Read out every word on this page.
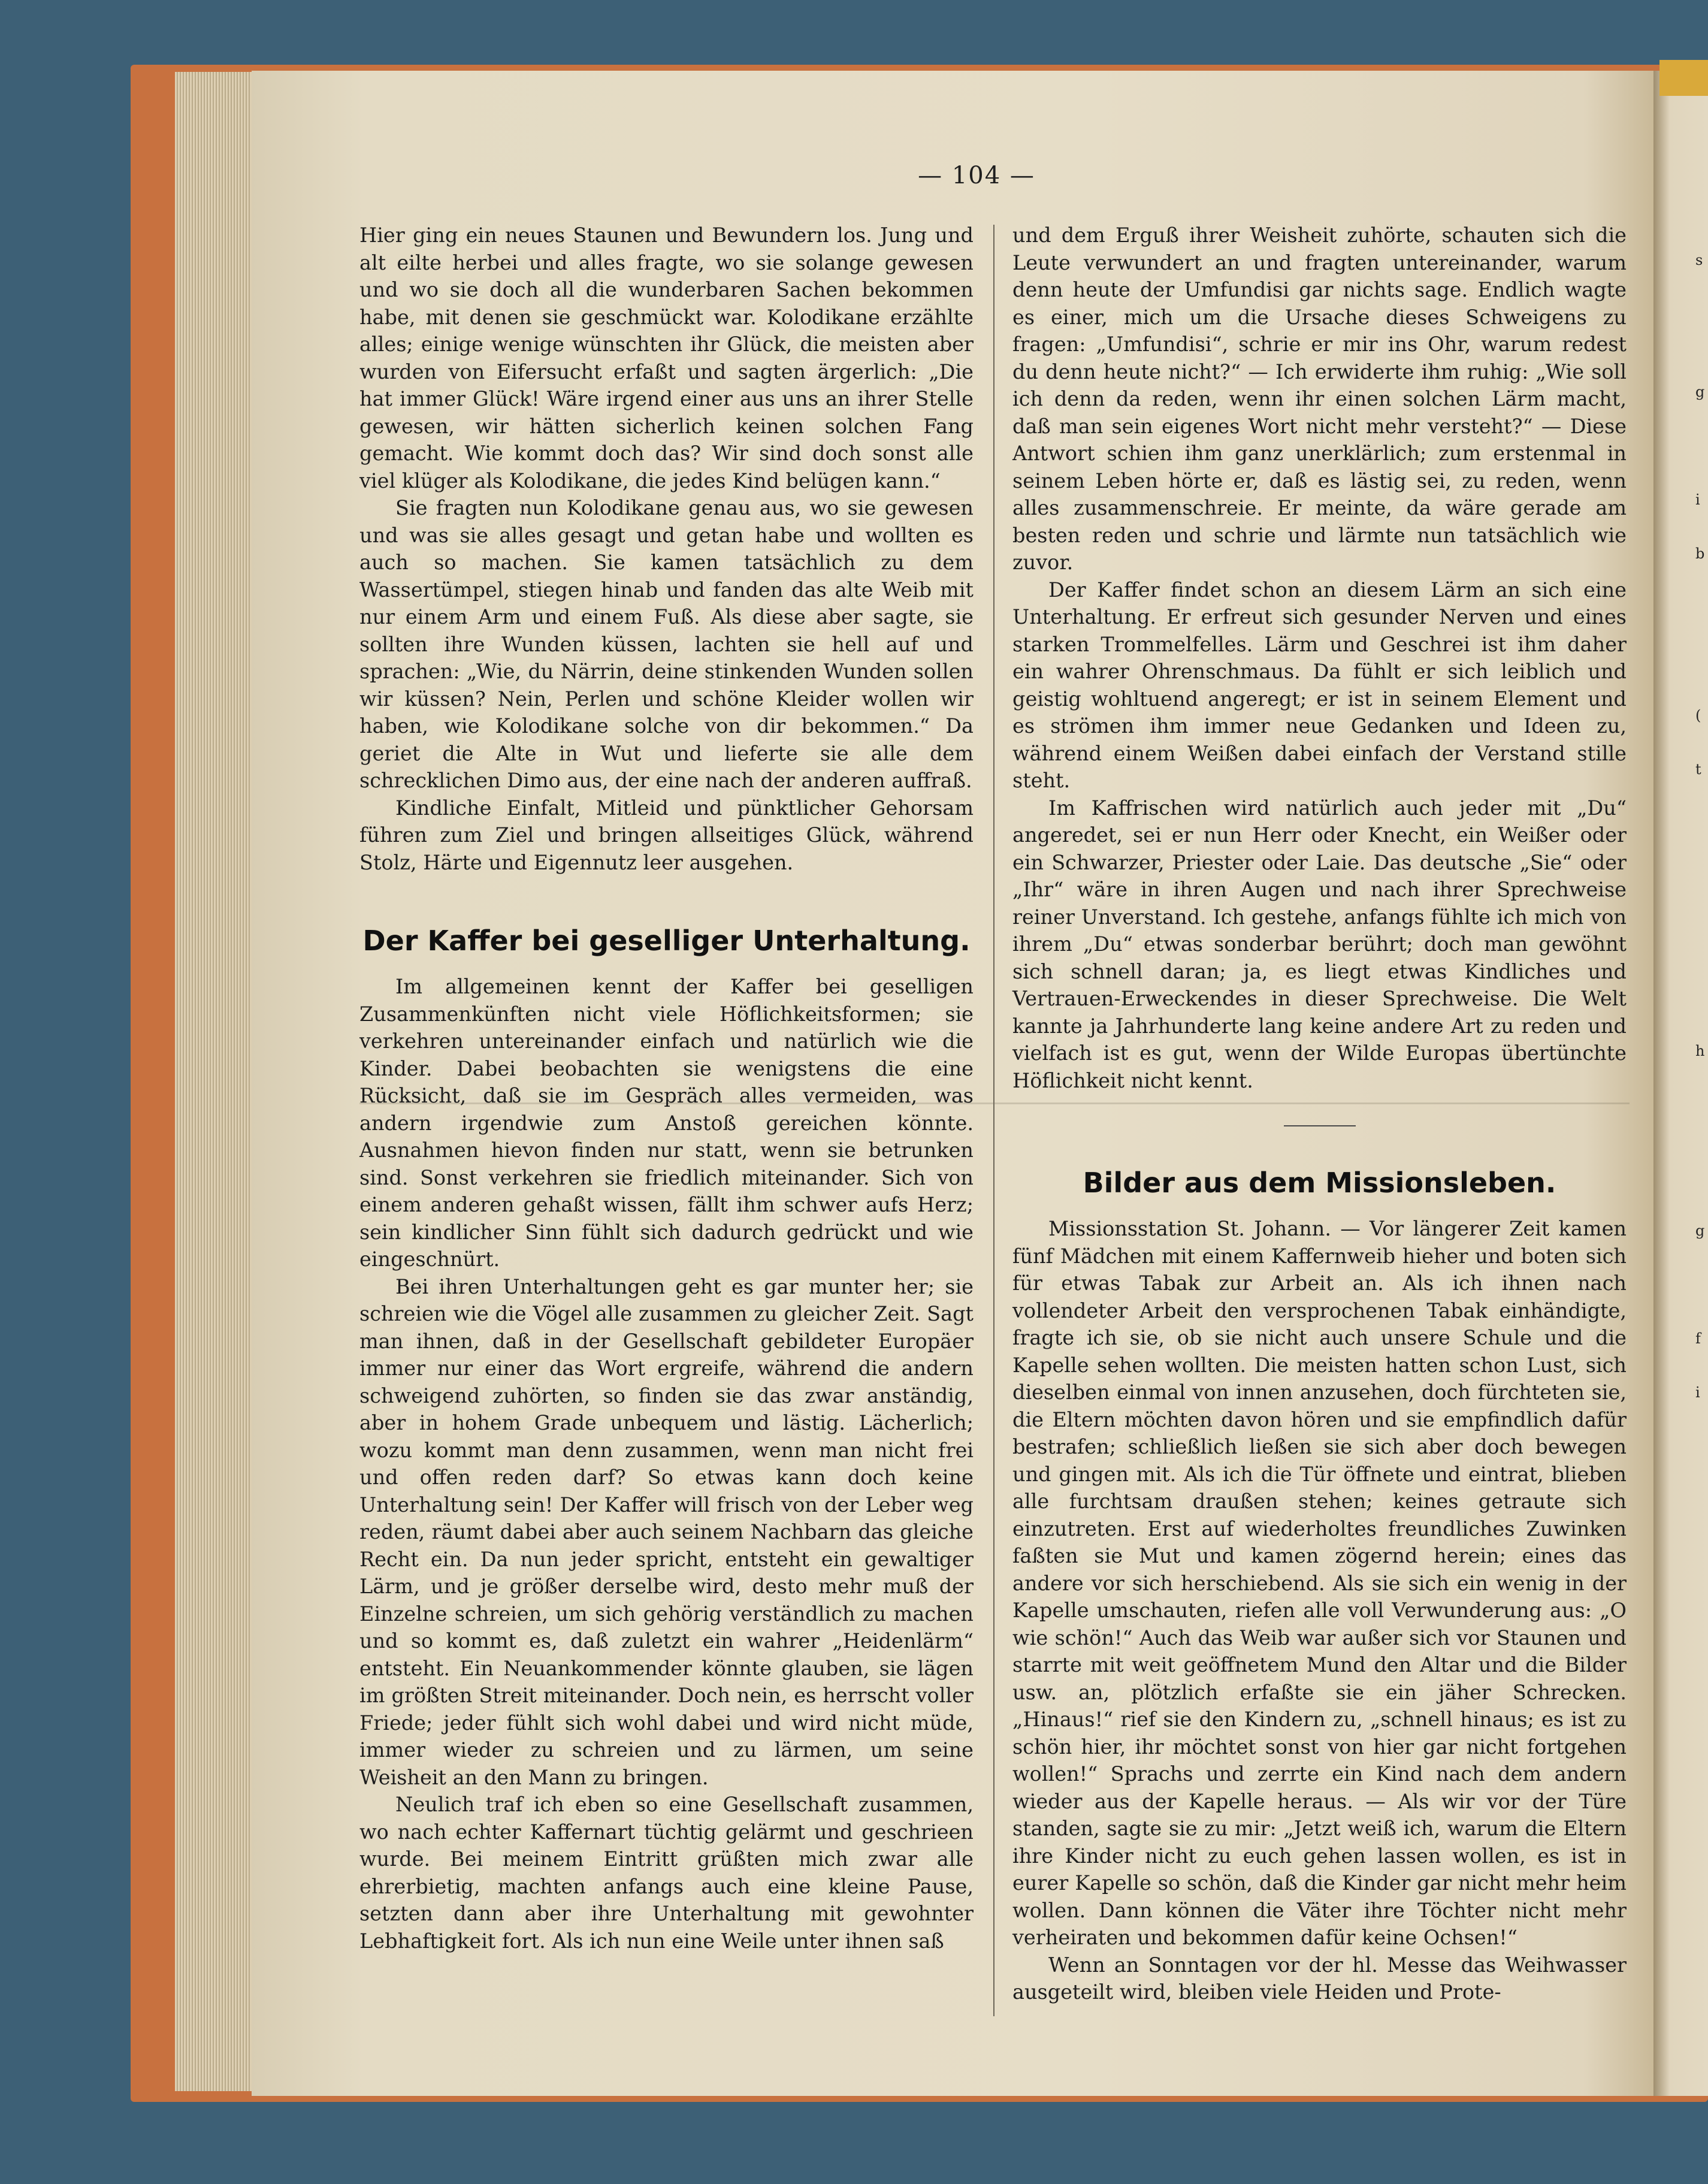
s
g
i
b
(
t
h
g
f
i
— 104 —

Hier ging ein neues Staunen und Bewundern los. Jung und alt eilte herbei und alles fragte, wo sie solange gewesen und wo sie doch all die wunderbaren Sachen bekommen habe, mit denen sie geschmückt war. Kolodikane erzählte alles; einige wenige wünschten ihr Glück, die meisten aber wurden von Eifersucht erfaßt und sagten ärgerlich: „Die hat immer Glück! Wäre irgend einer aus uns an ihrer Stelle gewesen, wir hätten sicherlich keinen solchen Fang gemacht. Wie kommt doch das? Wir sind doch sonst alle viel klüger als Kolodikane, die jedes Kind belügen kann.“

Sie fragten nun Kolodikane genau aus, wo sie gewesen und was sie alles gesagt und getan habe und wollten es auch so machen. Sie kamen tatsächlich zu dem Wassertümpel, stiegen hinab und fanden das alte Weib mit nur einem Arm und einem Fuß. Als diese aber sagte, sie sollten ihre Wunden küssen, lachten sie hell auf und sprachen: „Wie, du Närrin, deine stinkenden Wunden sollen wir küssen? Nein, Perlen und schöne Kleider wollen wir haben, wie Kolodikane solche von dir bekommen.“ Da geriet die Alte in Wut und lieferte sie alle dem schrecklichen Dimo aus, der eine nach der anderen auffraß.

Kindliche Einfalt, Mitleid und pünktlicher Gehorsam führen zum Ziel und bringen allseitiges Glück, während Stolz, Härte und Eigennutz leer ausgehen.

Der Kaffer bei geselliger Unterhaltung.

Im allgemeinen kennt der Kaffer bei geselligen Zusammenkünften nicht viele Höflichkeitsformen; sie verkehren untereinander einfach und natürlich wie die Kinder. Dabei beobachten sie wenigstens die eine Rücksicht, daß sie im Gespräch alles vermeiden, was andern irgendwie zum Anstoß gereichen könnte. Ausnahmen hievon finden nur statt, wenn sie betrunken sind. Sonst verkehren sie friedlich miteinander. Sich von einem anderen gehaßt wissen, fällt ihm schwer aufs Herz; sein kindlicher Sinn fühlt sich dadurch gedrückt und wie eingeschnürt.

Bei ihren Unterhaltungen geht es gar munter her; sie schreien wie die Vögel alle zusammen zu gleicher Zeit. Sagt man ihnen, daß in der Gesellschaft gebildeter Europäer immer nur einer das Wort ergreife, während die andern schweigend zuhörten, so finden sie das zwar anständig, aber in hohem Grade unbequem und lästig. Lächerlich; wozu kommt man denn zusammen, wenn man nicht frei und offen reden darf? So etwas kann doch keine Unterhaltung sein! Der Kaffer will frisch von der Leber weg reden, räumt dabei aber auch seinem Nachbarn das gleiche Recht ein. Da nun jeder spricht, entsteht ein gewaltiger Lärm, und je größer derselbe wird, desto mehr muß der Einzelne schreien, um sich gehörig verständlich zu machen und so kommt es, daß zuletzt ein wahrer „Heidenlärm“ entsteht. Ein Neuankommender könnte glauben, sie lägen im größten Streit miteinander. Doch nein, es herrscht voller Friede; jeder fühlt sich wohl dabei und wird nicht müde, immer wieder zu schreien und zu lärmen, um seine Weisheit an den Mann zu bringen.

Neulich traf ich eben so eine Gesellschaft zusammen, wo nach echter Kaffernart tüchtig gelärmt und geschrieen wurde. Bei meinem Eintritt grüßten mich zwar alle ehrerbietig, machten anfangs auch eine kleine Pause, setzten dann aber ihre Unterhaltung mit gewohnter Lebhaftigkeit fort. Als ich nun eine Weile unter ihnen saß

und dem Erguß ihrer Weisheit zuhörte, schauten sich die Leute verwundert an und fragten untereinander, warum denn heute der Umfundisi gar nichts sage. Endlich wagte es einer, mich um die Ursache dieses Schweigens zu fragen: „Umfundisi“, schrie er mir ins Ohr, warum redest du denn heute nicht?“ — Ich erwiderte ihm ruhig: „Wie soll ich denn da reden, wenn ihr einen solchen Lärm macht, daß man sein eigenes Wort nicht mehr versteht?“ — Diese Antwort schien ihm ganz unerklärlich; zum erstenmal in seinem Leben hörte er, daß es lästig sei, zu reden, wenn alles zusammenschreie. Er meinte, da wäre gerade am besten reden und schrie und lärmte nun tatsächlich wie zuvor.

Der Kaffer findet schon an diesem Lärm an sich eine Unterhaltung. Er erfreut sich gesunder Nerven und eines starken Trommelfelles. Lärm und Geschrei ist ihm daher ein wahrer Ohrenschmaus. Da fühlt er sich leiblich und geistig wohltuend angeregt; er ist in seinem Element und es strömen ihm immer neue Gedanken und Ideen zu, während einem Weißen dabei einfach der Verstand stille steht.

Im Kaffrischen wird natürlich auch jeder mit „Du“ angeredet, sei er nun Herr oder Knecht, ein Weißer oder ein Schwarzer, Priester oder Laie. Das deutsche „Sie“ oder „Ihr“ wäre in ihren Augen und nach ihrer Sprechweise reiner Unverstand. Ich gestehe, anfangs fühlte ich mich von ihrem „Du“ etwas sonderbar berührt; doch man gewöhnt sich schnell daran; ja, es liegt etwas Kindliches und Vertrauen-Erweckendes in dieser Sprechweise. Die Welt kannte ja Jahrhunderte lang keine andere Art zu reden und vielfach ist es gut, wenn der Wilde Europas übertünchte Höflichkeit nicht kennt.

Bilder aus dem Missionsleben.

Missionsstation St. Johann. — Vor längerer Zeit kamen fünf Mädchen mit einem Kaffernweib hieher und boten sich für etwas Tabak zur Arbeit an. Als ich ihnen nach vollendeter Arbeit den versprochenen Tabak einhändigte, fragte ich sie, ob sie nicht auch unsere Schule und die Kapelle sehen wollten. Die meisten hatten schon Lust, sich dieselben einmal von innen anzusehen, doch fürchteten sie, die Eltern möchten davon hören und sie empfindlich dafür bestrafen; schließlich ließen sie sich aber doch bewegen und gingen mit. Als ich die Tür öffnete und eintrat, blieben alle furchtsam draußen stehen; keines getraute sich einzutreten. Erst auf wiederholtes freundliches Zuwinken faßten sie Mut und kamen zögernd herein; eines das andere vor sich herschiebend. Als sie sich ein wenig in der Kapelle umschauten, riefen alle voll Verwunderung aus: „O wie schön!“ Auch das Weib war außer sich vor Staunen und starrte mit weit geöffnetem Mund den Altar und die Bilder usw. an, plötzlich erfaßte sie ein jäher Schrecken. „Hinaus!“ rief sie den Kindern zu, „schnell hinaus; es ist zu schön hier, ihr möchtet sonst von hier gar nicht fortgehen wollen!“ Sprachs und zerrte ein Kind nach dem andern wieder aus der Kapelle heraus. — Als wir vor der Türe standen, sagte sie zu mir: „Jetzt weiß ich, warum die Eltern ihre Kinder nicht zu euch gehen lassen wollen, es ist in eurer Kapelle so schön, daß die Kinder gar nicht mehr heim wollen. Dann können die Väter ihre Töchter nicht mehr verheiraten und bekommen dafür keine Ochsen!“

Wenn an Sonntagen vor der hl. Messe das Weihwasser ausgeteilt wird, bleiben viele Heiden und Prote-
